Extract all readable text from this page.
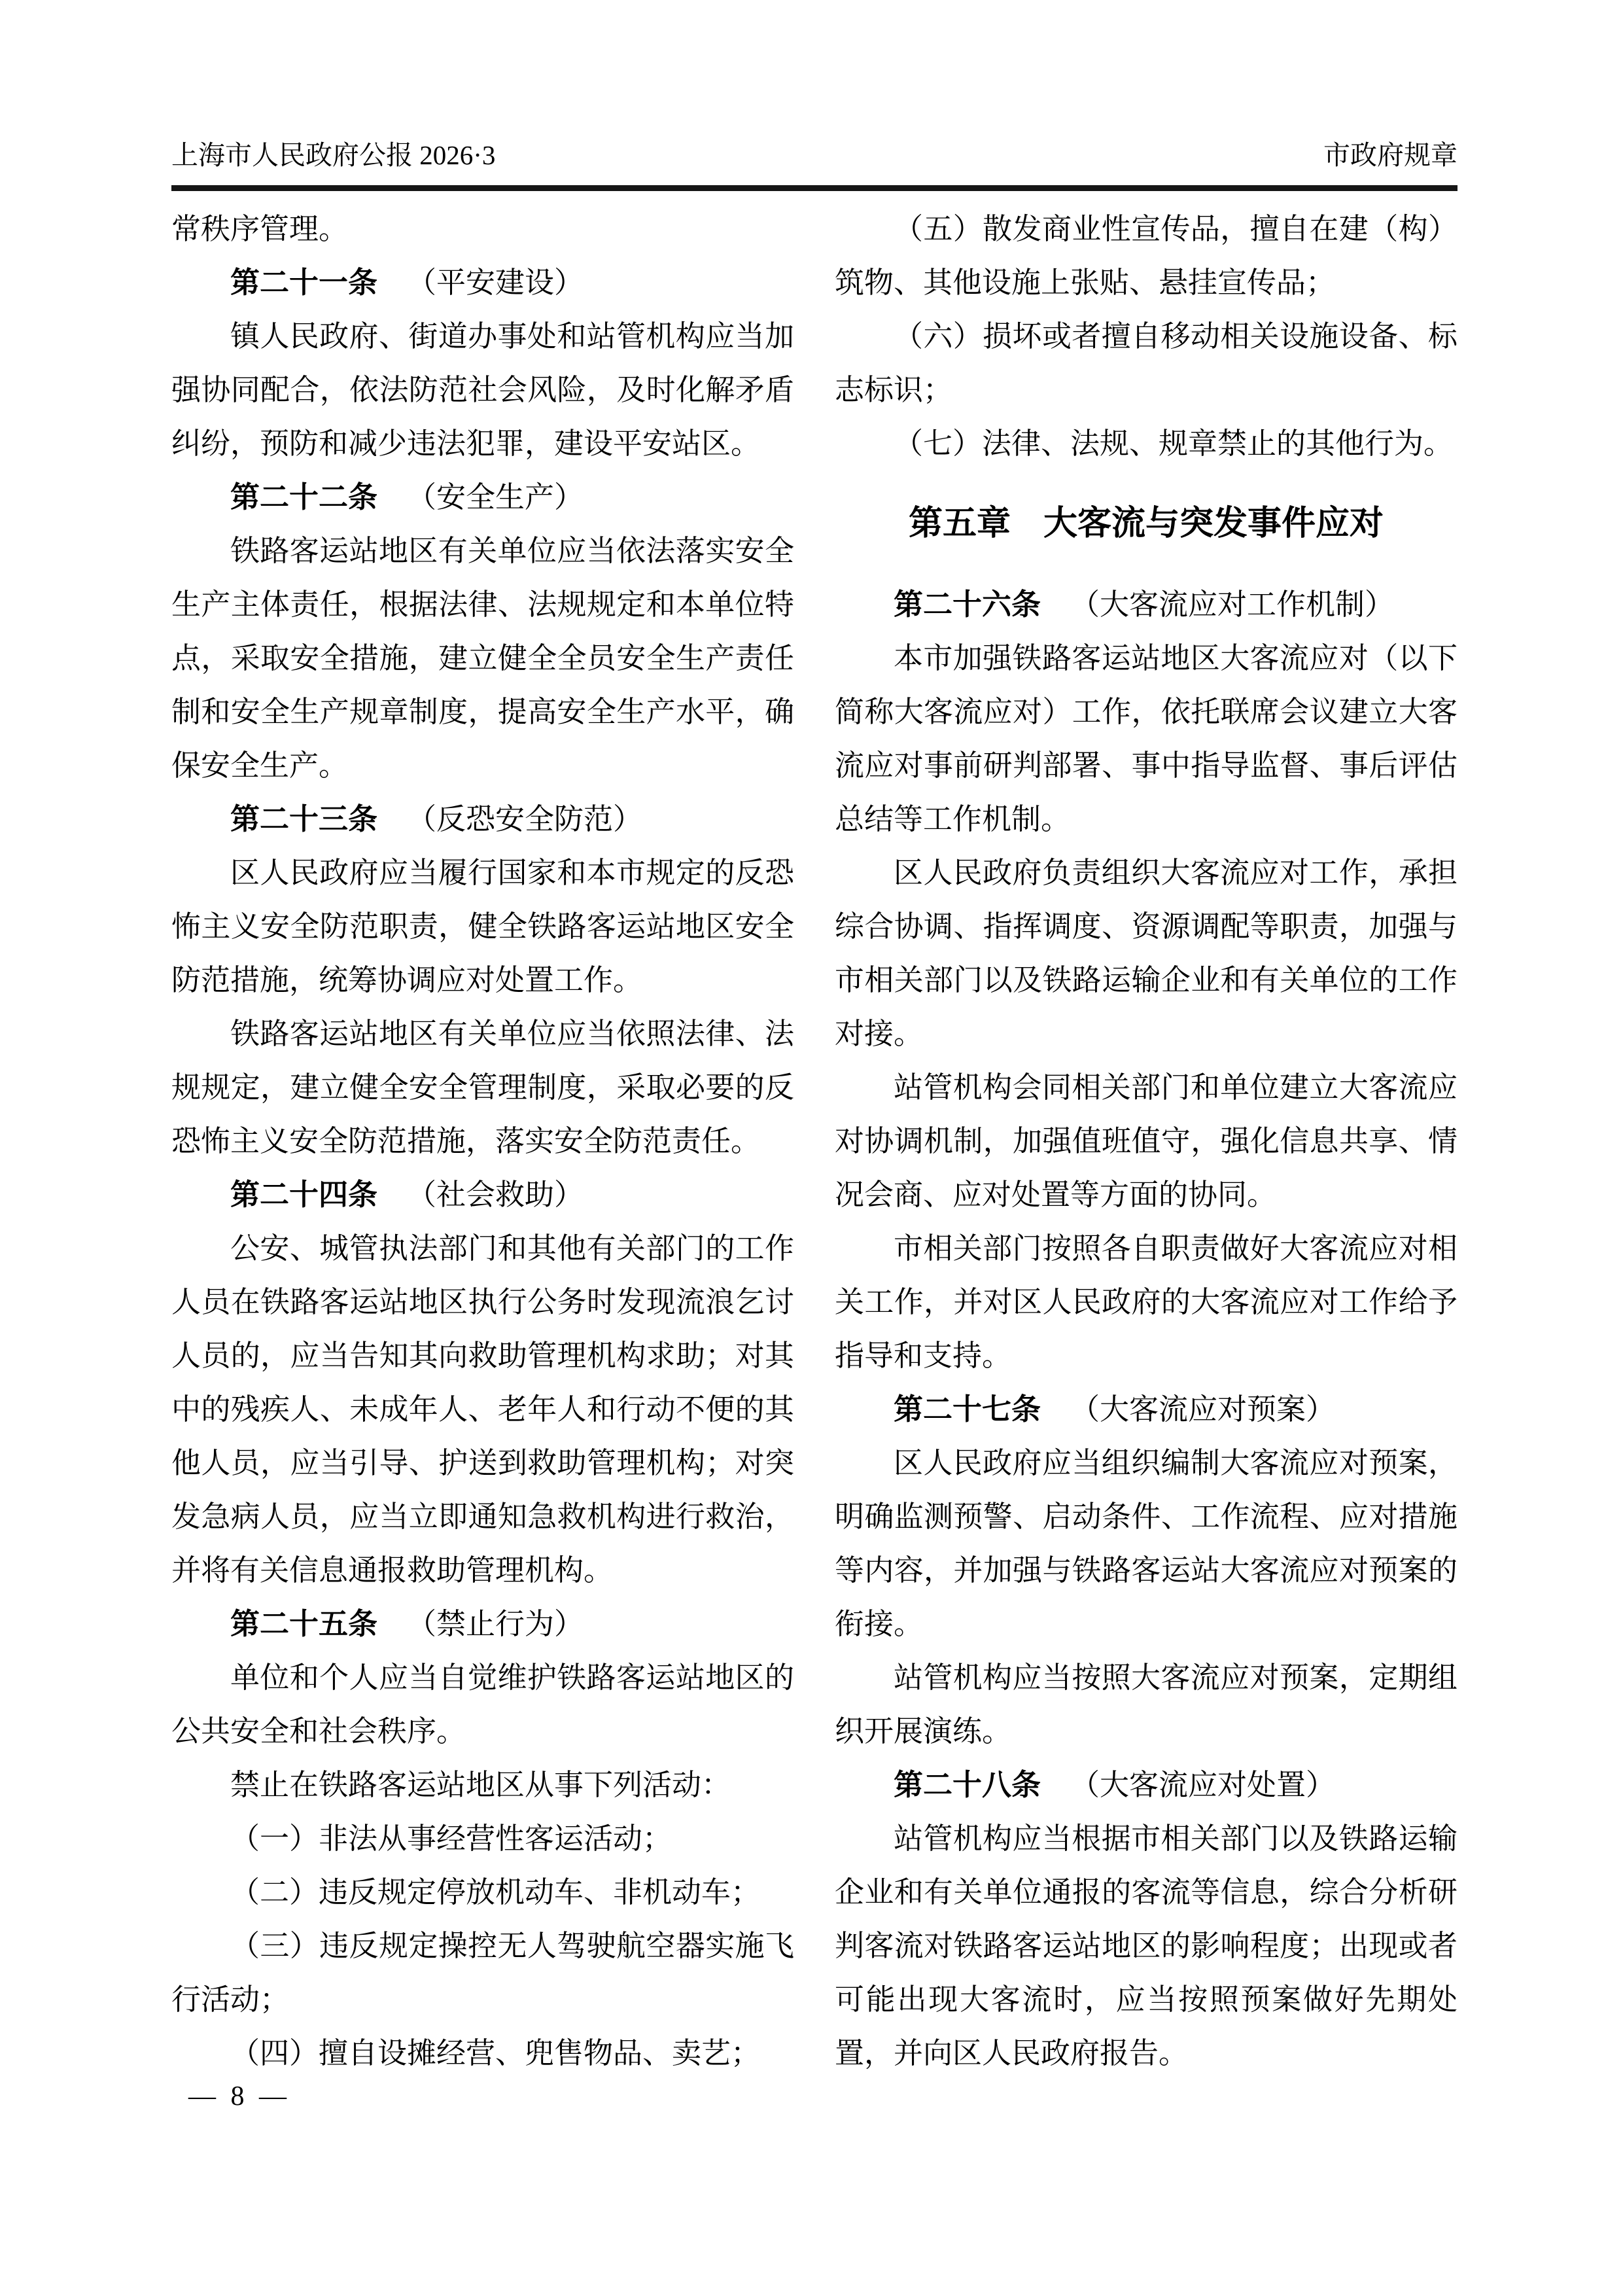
上海市人民政府公报 2026·3	市政府规章
常秩序管理。
第二十一条 （平安建设）
镇人民政府、街道办事处和站管机构应当加
强协同配合，依法防范社会风险，及时化解矛盾
纠纷，预防和减少违法犯罪，建设平安站区。
第二十二条 （安全生产）
铁路客运站地区有关单位应当依法落实安全
生产主体责任，根据法律、法规规定和本单位特
点，采取安全措施，建立健全全员安全生产责任
制和安全生产规章制度，提高安全生产水平，确
保安全生产。
第二十三条 （反恐安全防范）
区人民政府应当履行国家和本市规定的反恐
怖主义安全防范职责，健全铁路客运站地区安全
防范措施，统筹协调应对处置工作。
铁路客运站地区有关单位应当依照法律、法
规规定，建立健全安全管理制度，采取必要的反
恐怖主义安全防范措施，落实安全防范责任。
第二十四条 （社会救助）
公安、城管执法部门和其他有关部门的工作
人员在铁路客运站地区执行公务时发现流浪乞讨
人员的，应当告知其向救助管理机构求助；对其
中的残疾人、未成年人、老年人和行动不便的其
他人员，应当引导、护送到救助管理机构；对突
发急病人员，应当立即通知急救机构进行救治，
并将有关信息通报救助管理机构。
第二十五条 （禁止行为）
单位和个人应当自觉维护铁路客运站地区的
公共安全和社会秩序。
禁止在铁路客运站地区从事下列活动：
（一）非法从事经营性客运活动；
（二）违反规定停放机动车、非机动车；
（三）违反规定操控无人驾驶航空器实施飞
行活动；
（四）擅自设摊经营、兜售物品、卖艺；
（五）散发商业性宣传品，擅自在建（构）
筑物、其他设施上张贴、悬挂宣传品；
（六）损坏或者擅自移动相关设施设备、标
志标识；
（七）法律、法规、规章禁止的其他行为。
第五章 大客流与突发事件应对
第二十六条 （大客流应对工作机制）
本市加强铁路客运站地区大客流应对（以下
简称大客流应对）工作，依托联席会议建立大客
流应对事前研判部署、事中指导监督、事后评估
总结等工作机制。
区人民政府负责组织大客流应对工作，承担
综合协调、指挥调度、资源调配等职责，加强与
市相关部门以及铁路运输企业和有关单位的工作
对接。
站管机构会同相关部门和单位建立大客流应
对协调机制，加强值班值守，强化信息共享、情
况会商、应对处置等方面的协同。
市相关部门按照各自职责做好大客流应对相
关工作，并对区人民政府的大客流应对工作给予
指导和支持。
第二十七条 （大客流应对预案）
区人民政府应当组织编制大客流应对预案，
明确监测预警、启动条件、工作流程、应对措施
等内容，并加强与铁路客运站大客流应对预案的
衔接。
站管机构应当按照大客流应对预案，定期组
织开展演练。
第二十八条 （大客流应对处置）
站管机构应当根据市相关部门以及铁路运输
企业和有关单位通报的客流等信息，综合分析研
判客流对铁路客运站地区的影响程度；出现或者
可能出现大客流时，应当按照预案做好先期处
置，并向区人民政府报告。
— 8 —
